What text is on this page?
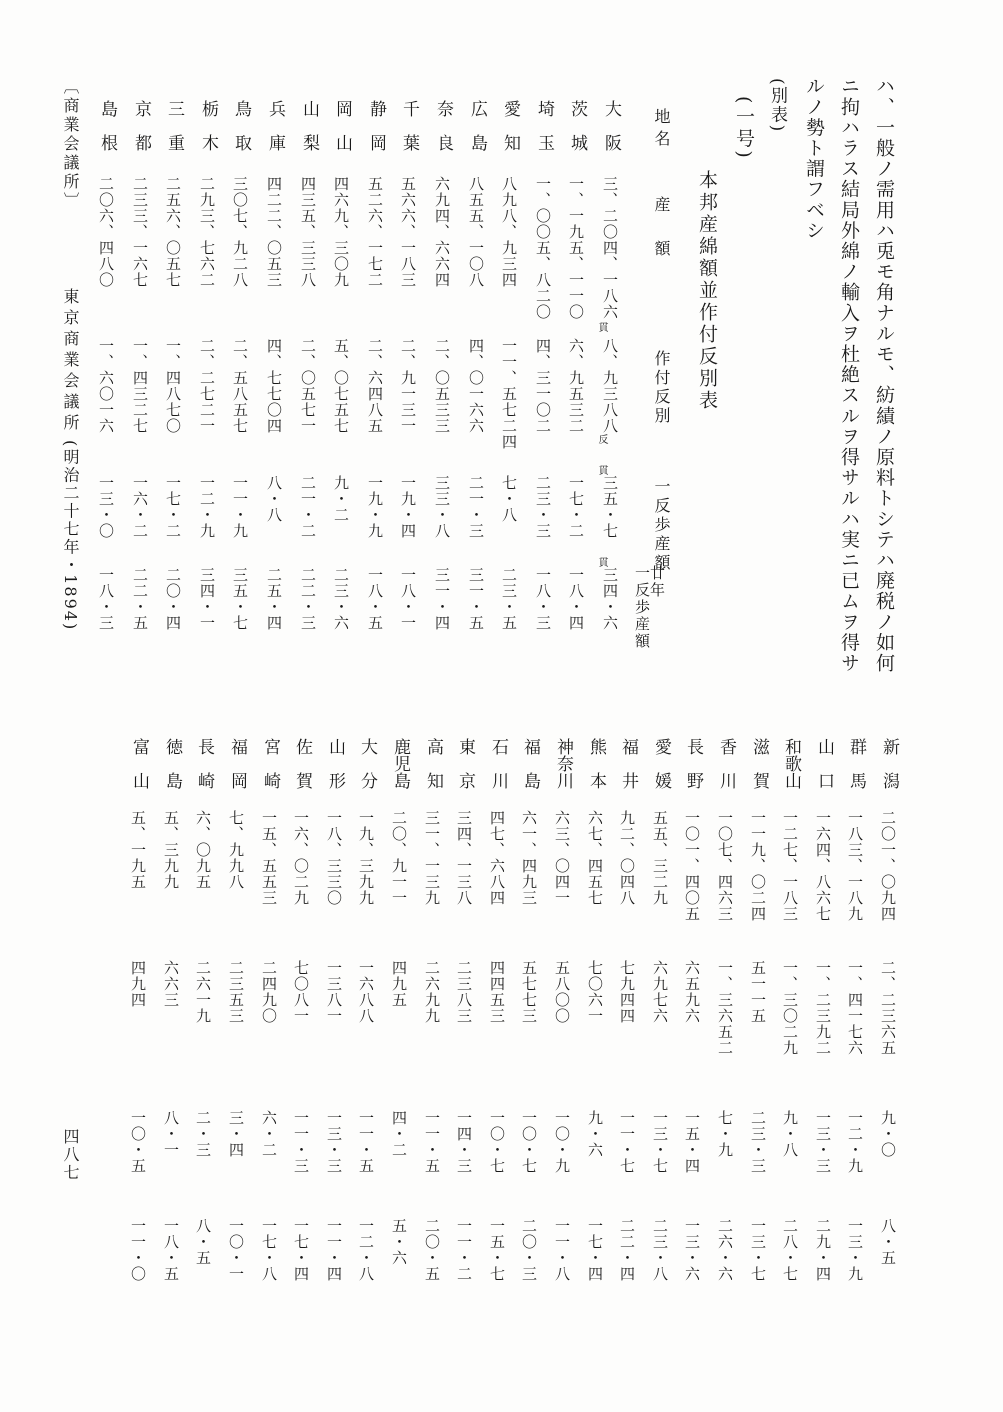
ハ、一般ノ需用ハ兎モ角ナルモ、紡績ノ原料トシテハ廃税ノ如何
ニ拘ハラス結局外綿ノ輸入ヲ杜絶スルヲ得サルハ実ニ已ムヲ得サ
ルノ勢ト謂フベシ
(別表)
(一号)
本邦産綿額並作付反別表
地名
産　額
作付反別
一反歩産額
廿年
一反歩産額
大　阪
三、二〇四、一八六
八、九三八八
三五・七
三四・六
貫
反
貫
貫
茨　城
一、一九五、一一〇
六、九五三二
一七・二
一八・四
埼　玉
一、〇〇五、八二〇
四、三一〇二
二三・三
一八・三
愛　知
八九八、九三四
一一、五七二四
七・八
二三・五
広　島
八五五、一〇八
四、〇一六六
二一・三
三一・五
奈　良
六九四、六六四
二、〇五三三
三三・八
三一・四
千　葉
五六六、一八三
二、九一三一
一九・四
一八・一
静　岡
五二六、一七二
二、六四八五
一九・九
一八・五
岡　山
四六九、三〇九
五、〇七五七
九・二
二三・六
山　梨
四三五、三三八
二、〇五七一
二一・二
二二・三
兵　庫
四二二、〇五三
四、七七〇四
八・八
二五・四
鳥　取
三〇七、九二八
二、五八五七
一一・九
三五・七
栃　木
二九三、七六二
二、二七二一
一二・九
三四・一
三　重
二五六、〇五七
一、四八七〇
一七・二
二〇・四
京　都
二三三、一六七
一、四三二七
一六・二
二二・五
島　根
二〇六、四八〇
一、六〇一六
一三・〇
一八・三
新　潟
二〇一、〇九四
二、二三六五
九・〇
八・五
群　馬
一八三、一八九
一、四一七六
一二・九
一三・九
山　口
一六四、八六七
一、二三九二
一三・三
二九・四
和歌山
一二七、一八三
一、三〇二九
九・八
二八・七
滋　賀
一一九、〇二四
五一一五
二三・三
一三・七
香　川
一〇七、四六三
一、三六五二
七・九
二六・六
長　野
一〇一、四〇五
六五九六
一五・四
一三・六
愛　媛
五五、三二九
六九七六
一三・七
二三・八
福　井
九二、〇四八
七九四四
一一・七
二二・四
熊　本
六七、四五七
七〇六一
九・六
一七・四
神奈川
六三、〇四一
五八〇〇
一〇・九
一一・八
福　島
六一、四九三
五七七三
一〇・七
二〇・三
石　川
四七、六八四
四四五三
一〇・七
一五・七
東　京
三四、一三八
二三八三
一四・三
一一・二
高　知
三一、一三九
二六九九
一一・五
二〇・五
鹿児島
二〇、九一一
四九五
四・二
五・六
大　分
一九、三九九
一六八八
一一・五
一二・八
山　形
一八、三三〇
一三八一
一三・三
一一・四
佐　賀
一六、〇二九
七〇八一
一一・三
一七・四
宮　崎
一五、五五三
二四九〇
六・二
一七・八
福　岡
七、九九八
二三五三
三・四
一〇・一
長　崎
六、〇九五
二六一九
二・三
八・五
徳　島
五、三九九
六六三
八・一
一八・五
富　山
五、一九五
四九四
一〇・五
一一・〇
〔商業会議所〕
東京商業会議所
(明治二十七年・1894)
四八七
